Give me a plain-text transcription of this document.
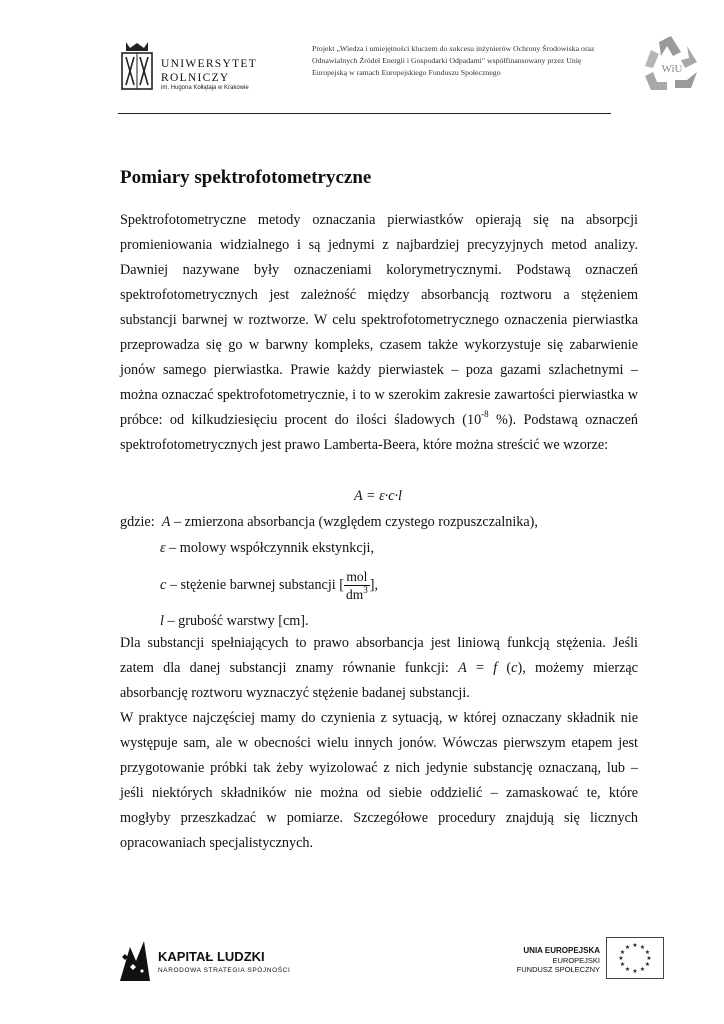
UNIWERSYTET
ROLNICZY
im. Hugona Kołłątaja w Krakowie
Projekt „Wiedza i umiejętności kluczem do sukcesu inżynierów Ochrony Środowiska oraz Odnawialnych Źródeł Energii i Gospodarki Odpadami" współfinansowany przez Unię Europejską w ramach Europejskiego Funduszu Społecznego	WiU
Pomiary spektrofotometryczne
Spektrofotometryczne metody oznaczania pierwiastków opierają się na absorpcji promieniowania widzialnego i są jednymi z najbardziej precyzyjnych metod analizy. Dawniej nazywane były oznaczeniami kolorymetrycznymi. Podstawą oznaczeń spektrofotometrycznych jest zależność między absorbancją roztworu a stężeniem substancji barwnej w roztworze. W celu spektrofotometrycznego oznaczenia pierwiastka przeprowadza się go w barwny kompleks, czasem także wykorzystuje się zabarwienie jonów samego pierwiastka. Prawie każdy pierwiastek – poza gazami szlachetnymi – można oznaczać spektrofotometrycznie, i to w szerokim zakresie zawartości pierwiastka w próbce: od kilkudziesięciu procent do ilości śladowych ($10^{-8}$ %). Podstawą oznaczeń spektrofotometrycznych jest prawo Lamberta-Beera, które można streścić we wzorze:
A = ε·c·l
gdzie: A – zmierzona absorbancja (względem czystego rozpuszczalnika),
ε – molowy współczynnik ekstynkcji,
c – stężenie barwnej substancji [ $\frac{\text{mol}}{dm^3}$ ],
l – grubość warstwy [cm].
Dla substancji spełniających to prawo absorbancja jest liniową funkcją stężenia. Jeśli zatem dla danej substancji znamy równanie funkcji: A = f (c), możemy mierząc absorbancję roztworu wyznaczyć stężenie badanej substancji.
W praktyce najczęściej mamy do czynienia z sytuacją, w której oznaczany składnik nie występuje sam, ale w obecności wielu innych jonów. Wówczas pierwszym etapem jest przygotowanie próbki tak żeby wyizolować z nich jedynie substancję oznaczaną, lub – jeśli niektórych składników nie można od siebie oddzielić – zamaskować te, które mogłyby przeszkadzać w pomiarze. Szczegółowe procedury znajdują się licznych opracowaniach specjalistycznych.
KAPITAŁ LUDZKI
NARODOWA STRATEGIA SPÓJNOŚCI
UNIA EUROPEJSKA
EUROPEJSKI
FUNDUSZ SPOŁECZNY
★ ★
★
★
★
★
★
★
★
★
★
★
